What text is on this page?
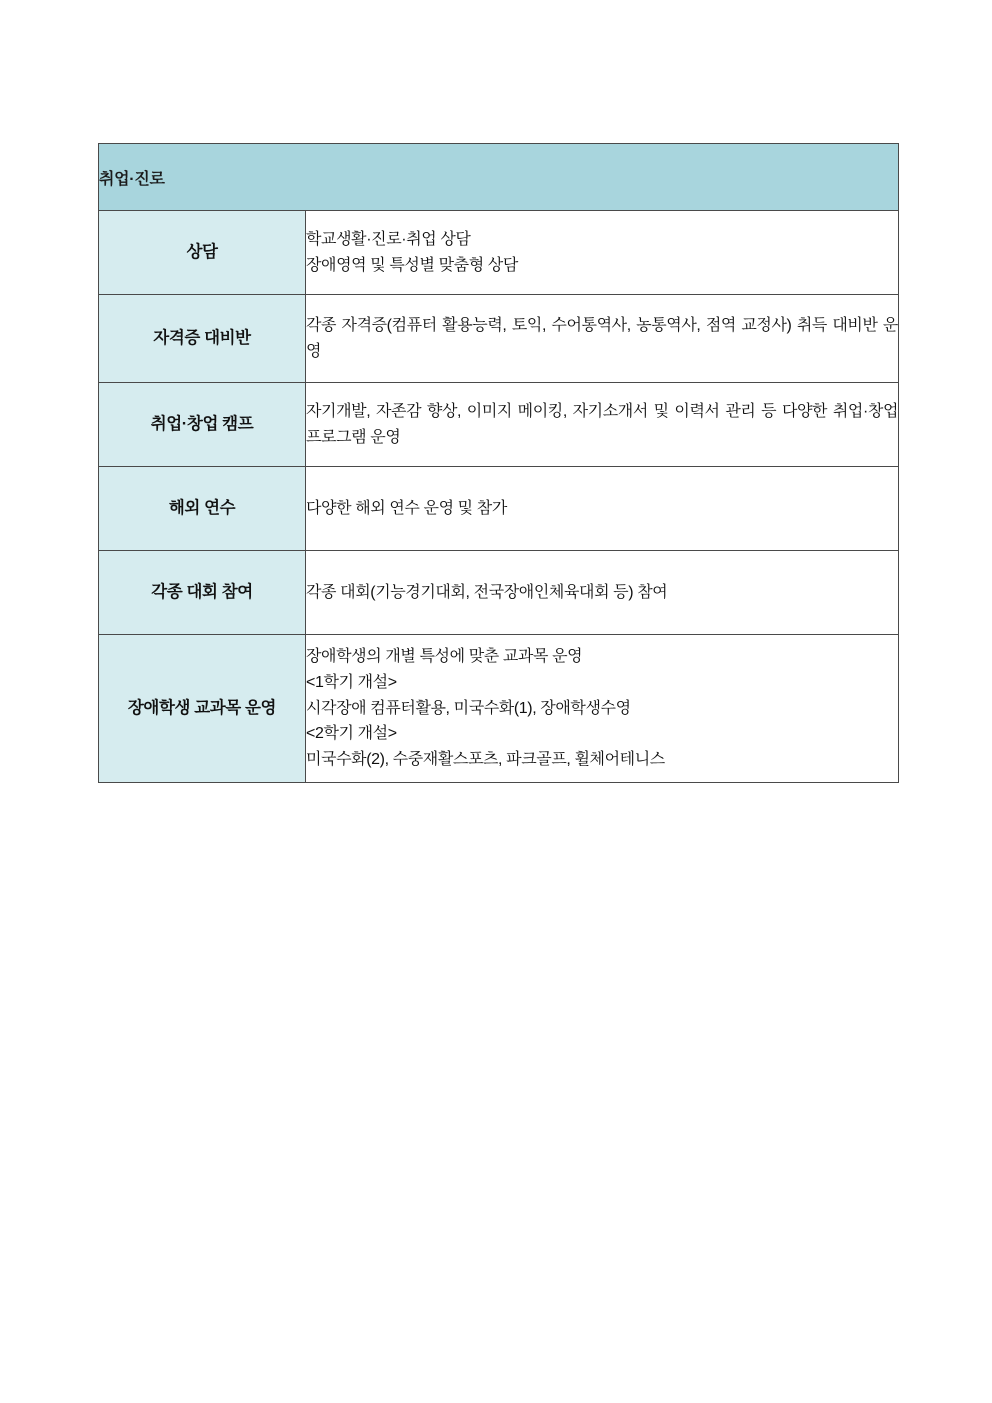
취업·진로	
상담	학교생활·진로·취업 상담
장애영역 및 특성별 맞춤형 상담

자격증 대비반	각종 자격증(컴퓨터 활용능력, 토익, 수어통역사, 농통역사, 점역 교정사) 취득 대비반 운영

취업·창업 캠프	자기개발, 자존감 향상, 이미지 메이킹, 자기소개서 및 이력서 관리 등 다양한 취업·창업 프로그램 운영

해외 연수	다양한 해외 연수 운영 및 참가

각종 대회 참여	각종 대회(기능경기대회, 전국장애인체육대회 등) 참여

장애학생 교과목 운영	장애학생의 개별 특성에 맞춘 교과목 운영
<1학기 개설>
시각장애 컴퓨터활용, 미국수화(1), 장애학생수영
<2학기 개설>
미국수화(2), 수중재활스포츠, 파크골프, 휠체어테니스
